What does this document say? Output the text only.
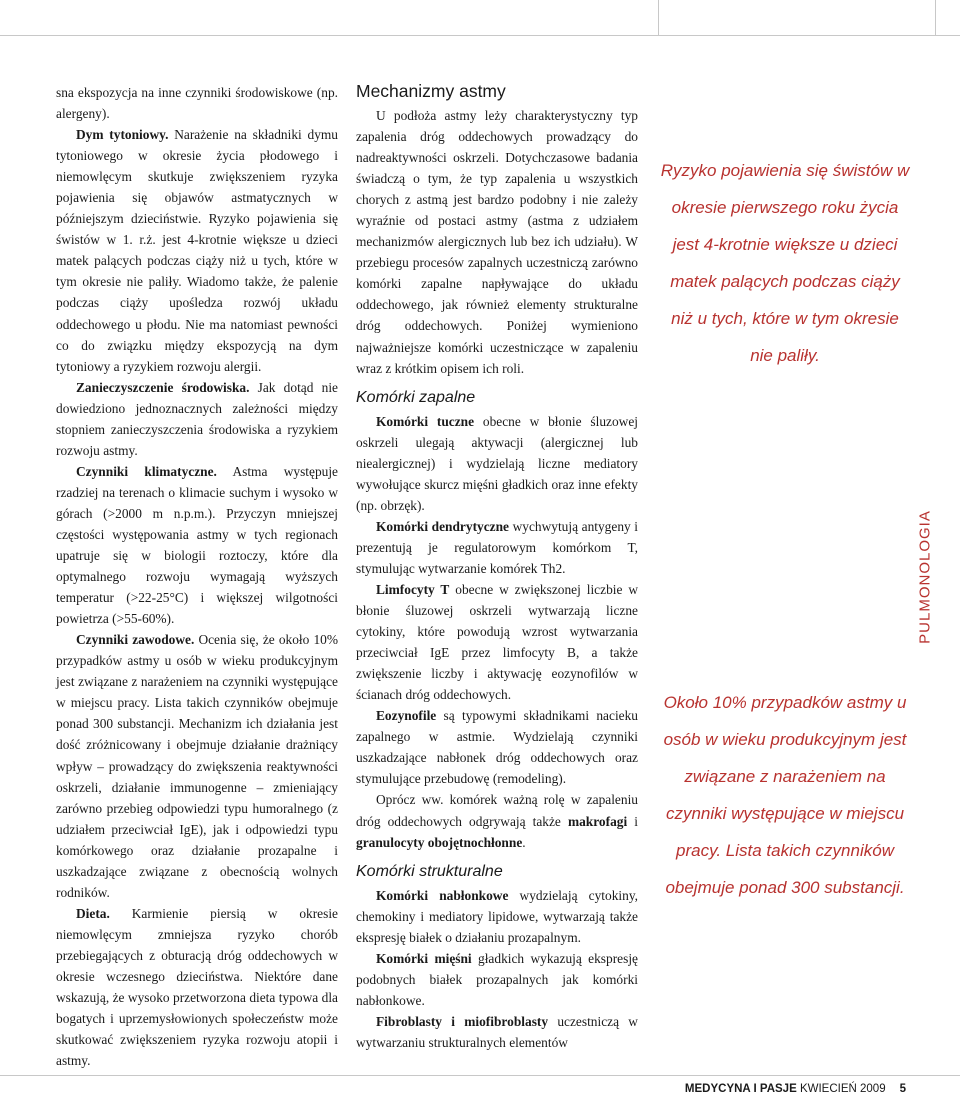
sna ekspozycja na inne czynniki środowiskowe (np. alergeny).

Dym tytoniowy. Narażenie na składniki dymu tytoniowego w okresie życia płodowego i niemowlęcym skutkuje zwiększeniem ryzyka pojawienia się objawów astmatycznych w późniejszym dzieciństwie. Ryzyko pojawienia się świstów w 1. r.ż. jest 4-krotnie większe u dzieci matek palących podczas ciąży niż u tych, które w tym okresie nie paliły. Wiadomo także, że palenie podczas ciąży upośledza rozwój układu oddechowego u płodu. Nie ma natomiast pewności co do związku między ekspozycją na dym tytoniowy a ryzykiem rozwoju alergii.

Zanieczyszczenie środowiska. Jak dotąd nie dowiedziono jednoznacznych zależności między stopniem zanieczyszczenia środowiska a ryzykiem rozwoju astmy.

Czynniki klimatyczne. Astma występuje rzadziej na terenach o klimacie suchym i wysoko w górach (>2000 m n.p.m.). Przyczyn mniejszej częstości występowania astmy w tych regionach upatruje się w biologii roztoczy, które dla optymalnego rozwoju wymagają wyższych temperatur (>22-25°C) i większej wilgotności powietrza (>55-60%).

Czynniki zawodowe. Ocenia się, że około 10% przypadków astmy u osób w wieku produkcyjnym jest związane z narażeniem na czynniki występujące w miejscu pracy. Lista takich czynników obejmuje ponad 300 substancji. Mechanizm ich działania jest dość zróżnicowany i obejmuje działanie drażniący wpływ – prowadzący do zwiększenia reaktywności oskrzeli, działanie immunogenne – zmieniający zarówno przebieg odpowiedzi typu humoralnego (z udziałem przeciwciał IgE), jak i odpowiedzi typu komórkowego oraz działanie prozapalne i uszkadzające związane z obecnością wolnych rodników.

Dieta. Karmienie piersią w okresie niemowlęcym zmniejsza ryzyko chorób przebiegających z obturacją dróg oddechowych w okresie wczesnego dzieciństwa. Niektóre dane wskazują, że wysoko przetworzona dieta typowa dla bogatych i uprzemysłowionych społeczeństw może skutkować zwiększeniem ryzyka rozwoju atopii i astmy.

Mechanizmy astmy

U podłoża astmy leży charakterystyczny typ zapalenia dróg oddechowych prowadzący do nadreaktywności oskrzeli. Dotychczasowe badania świadczą o tym, że typ zapalenia u wszystkich chorych z astmą jest bardzo podobny i nie zależy wyraźnie od postaci astmy (astma z udziałem mechanizmów alergicznych lub bez ich udziału). W przebiegu procesów zapalnych uczestniczą zarówno komórki zapalne napływające do układu oddechowego, jak również elementy strukturalne dróg oddechowych. Poniżej wymieniono najważniejsze komórki uczestniczące w zapaleniu wraz z krótkim opisem ich roli.

Komórki zapalne

Komórki tuczne obecne w błonie śluzowej oskrzeli ulegają aktywacji (alergicznej lub niealergicznej) i wydzielają liczne mediatory wywołujące skurcz mięśni gładkich oraz inne efekty (np. obrzęk).

Komórki dendrytyczne wychwytują antygeny i prezentują je regulatorowym komórkom T, stymulując wytwarzanie komórek Th2.

Limfocyty T obecne w zwiększonej liczbie w błonie śluzowej oskrzeli wytwarzają liczne cytokiny, które powodują wzrost wytwarzania przeciwciał IgE przez limfocyty B, a także zwiększenie liczby i aktywację eozynofilów w ścianach dróg oddechowych.

Eozynofile są typowymi składnikami nacieku zapalnego w astmie. Wydzielają czynniki uszkadzające nabłonek dróg oddechowych oraz stymulujące przebudowę (remodeling).

Oprócz ww. komórek ważną rolę w zapaleniu dróg oddechowych odgrywają także makrofagi i granulocyty obojętnochłonne.

Komórki strukturalne

Komórki nabłonkowe wydzielają cytokiny, chemokiny i mediatory lipidowe, wytwarzają także ekspresję białek o działaniu prozapalnym.

Komórki mięśni gładkich wykazują ekspresję podobnych białek prozapalnych jak komórki nabłonkowe.

Fibroblasty i miofibroblasty uczestniczą w wytwarzaniu strukturalnych elementów

Ryzyko pojawienia się świstów w okresie pierwszego roku życia jest 4-krotnie większe u dzieci matek palących podczas ciąży niż u tych, które w tym okresie nie paliły.
Około 10% przypadków astmy u osób w wieku produkcyjnym jest związane z narażeniem na czynniki występujące w miejscu pracy. Lista takich czynników obejmuje ponad 300 substancji.
PULMONOLOGIA
MEDYCYNA I PASJE KWIECIEŃ 2009 5
